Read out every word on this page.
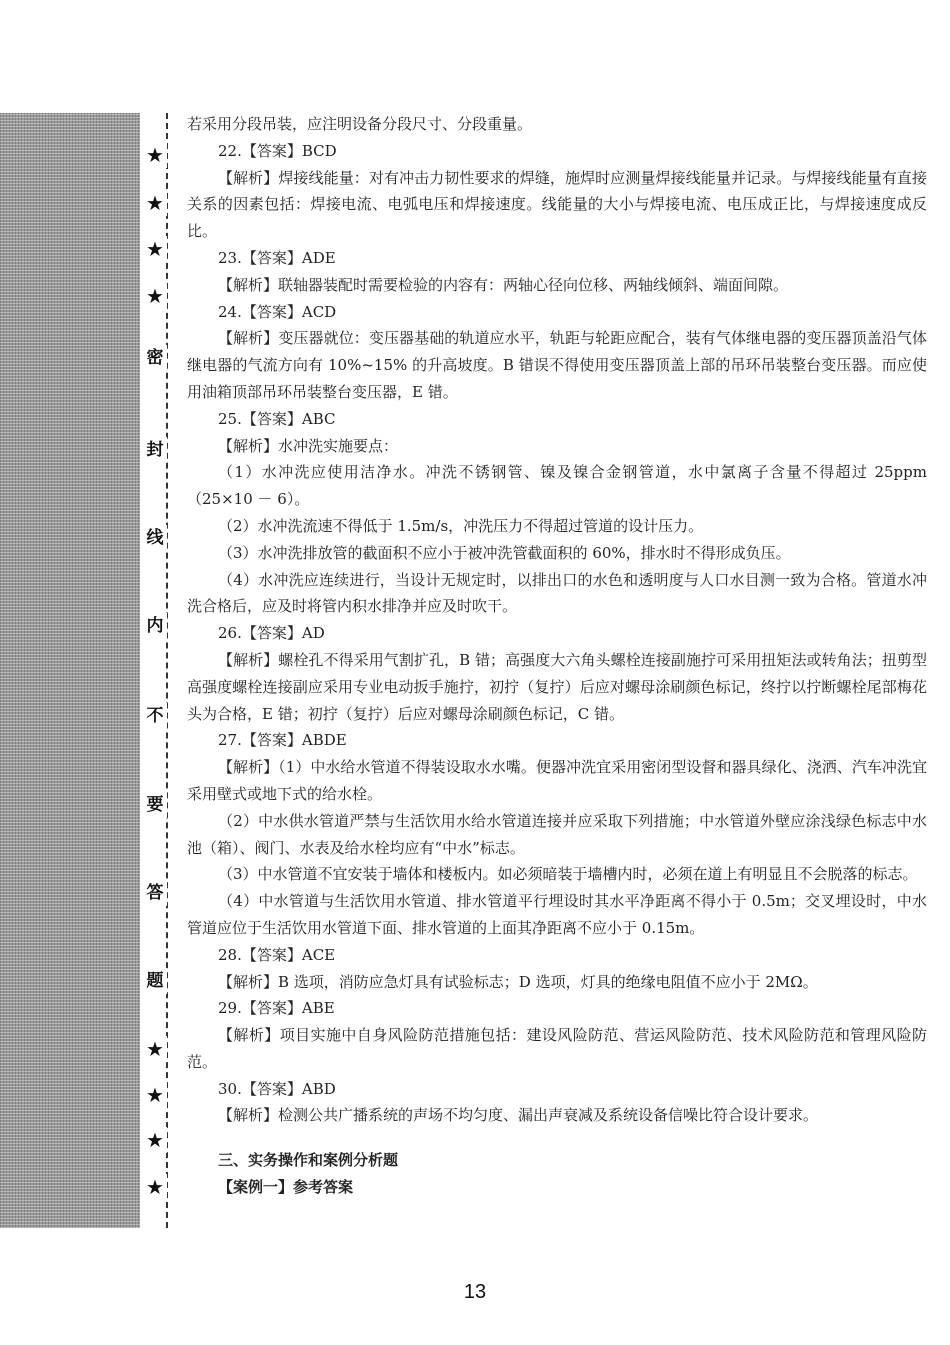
★
★
★
★
密
封
线
内
不
要
答
题
★
★
★
★

若采用分段吊装，应注明设备分段尺寸、分段重量。

22.【答案】BCD

【解析】焊接线能量：对有冲击力韧性要求的焊缝，施焊时应测量焊接线能量并记录。与焊接线能量有直接关系的因素包括：焊接电流、电弧电压和焊接速度。线能量的大小与焊接电流、电压成正比，与焊接速度成反比。

23.【答案】ADE

【解析】联轴器装配时需要检验的内容有：两轴心径向位移、两轴线倾斜、端面间隙。

24.【答案】ACD

【解析】变压器就位：变压器基础的轨道应水平，轨距与轮距应配合，装有气体继电器的变压器顶盖沿气体继电器的气流方向有 10%~15% 的升高坡度。B 错误不得使用变压器顶盖上部的吊环吊装整台变压器。而应使用油箱顶部吊环吊装整台变压器，E 错。

25.【答案】ABC

【解析】水冲洗实施要点：

（1）水冲洗应使用洁净水。冲洗不锈钢管、镍及镍合金钢管道，水中氯离子含量不得超过 25ppm（25×10 － 6）。

（2）水冲洗流速不得低于 1.5m/s，冲洗压力不得超过管道的设计压力。

（3）水冲洗排放管的截面积不应小于被冲洗管截面积的 60%，排水时不得形成负压。

（4）水冲洗应连续进行，当设计无规定时，以排出口的水色和透明度与人口水目测一致为合格。管道水冲洗合格后，应及时将管内积水排净并应及时吹干。

26.【答案】AD

【解析】螺栓孔不得采用气割扩孔，B 错；高强度大六角头螺栓连接副施拧可采用扭矩法或转角法；扭剪型高强度螺栓连接副应采用专业电动扳手施拧，初拧（复拧）后应对螺母涂刷颜色标记，终拧以拧断螺栓尾部梅花头为合格，E 错；初拧（复拧）后应对螺母涂刷颜色标记，C 错。

27.【答案】ABDE

【解析】（1）中水给水管道不得装设取水水嘴。便器冲洗宜采用密闭型设督和器具绿化、浇洒、汽车冲洗宜采用壁式或地下式的给水栓。

（2）中水供水管道严禁与生活饮用水给水管道连接并应采取下列措施；中水管道外壁应涂浅绿色标志中水池（箱）、阀门、水表及给水栓均应有“中水”标志。

（3）中水管道不宜安装于墙体和楼板内。如必须暗装于墙槽内时，必须在道上有明显且不会脱落的标志。

（4）中水管道与生活饮用水管道、排水管道平行埋设时其水平净距离不得小于 0.5m；交叉埋设时，中水管道应位于生活饮用水管道下面、排水管道的上面其净距离不应小于 0.15m。

28.【答案】ACE

【解析】B 选项，消防应急灯具有试验标志；D 选项，灯具的绝缘电阻值不应小于 2MΩ。

29.【答案】ABE

【解析】项目实施中自身风险防范措施包括：建设风险防范、营运风险防范、技术风险防范和管理风险防范。

30.【答案】ABD

【解析】检测公共广播系统的声场不均匀度、漏出声衰减及系统设备信噪比符合设计要求。

三、实务操作和案例分析题

【案例一】参考答案

13
